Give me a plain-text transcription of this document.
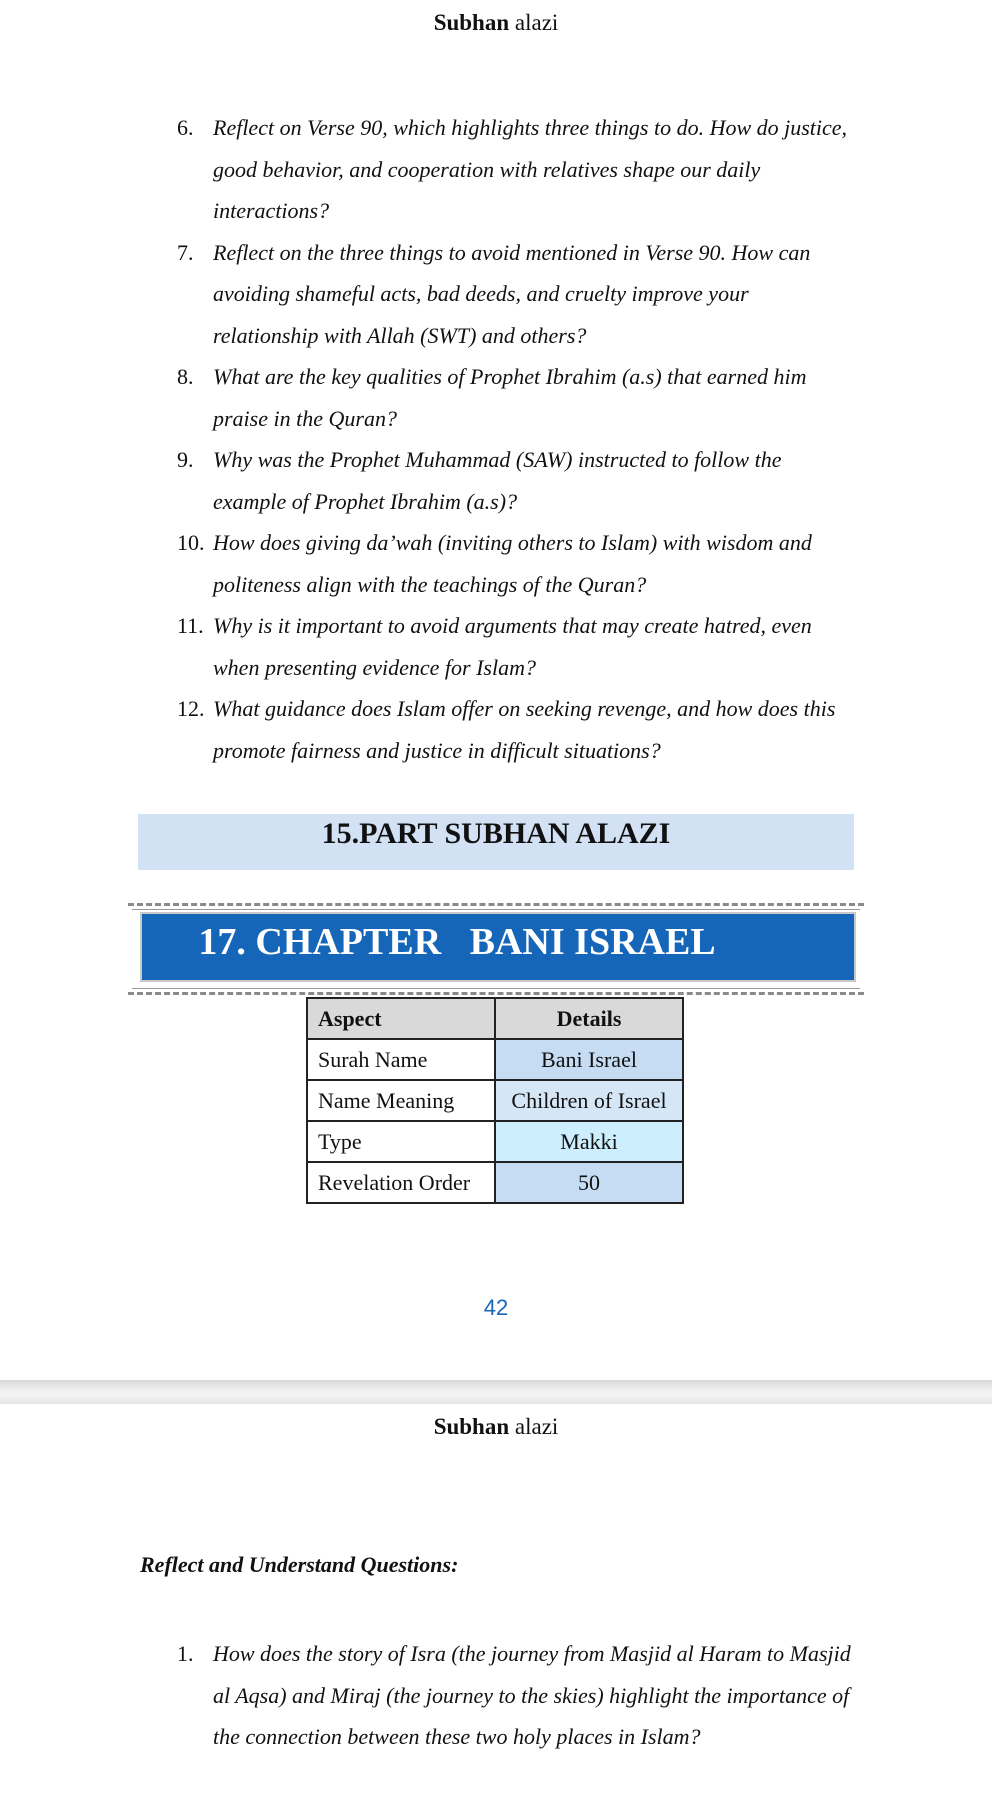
Subhan alazi
6. Reflect on Verse 90, which highlights three things to do. How do justice, good behavior, and cooperation with relatives shape our daily interactions?
7. Reflect on the three things to avoid mentioned in Verse 90. How can avoiding shameful acts, bad deeds, and cruelty improve your relationship with Allah (SWT) and others?
8. What are the key qualities of Prophet Ibrahim (a.s) that earned him praise in the Quran?
9. Why was the Prophet Muhammad (SAW) instructed to follow the example of Prophet Ibrahim (a.s)?
10. How does giving da’wah (inviting others to Islam) with wisdom and politeness align with the teachings of the Quran?
11. Why is it important to avoid arguments that may create hatred, even when presenting evidence for Islam?
12. What guidance does Islam offer on seeking revenge, and how does this promote fairness and justice in difficult situations?
15.PART SUBHAN ALAZI
17. CHAPTER   BANI ISRAEL
Aspect	Details
Surah Name	Bani Israel
Name Meaning	Children of Israel
Type	Makki
Revelation Order	50
42
Subhan alazi
Reflect and Understand Questions:
1. How does the story of Isra (the journey from Masjid al Haram to Masjid al Aqsa) and Miraj (the journey to the skies) highlight the importance of the connection between these two holy places in Islam?
